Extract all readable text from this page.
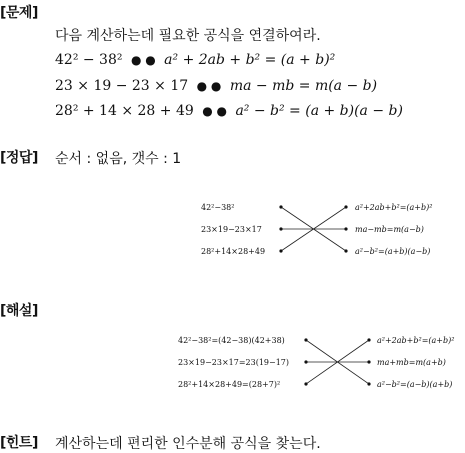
[문제]
다음 계산하는데 필요한 공식을 연결하여라.
42² − 38² ● ● a² + 2ab + b² = (a + b)²
23 × 19 − 23 × 17 ● ● ma − mb = m(a − b)
28² + 14 × 28 + 49 ● ● a² − b² = (a + b)(a − b)
[정답] 순서 : 없음, 갯수 : 1
42²−38²
23×19−23×17
28²+14×28+49
a²+2ab+b²=(a+b)²
ma−mb=m(a−b)
a²−b²=(a+b)(a−b)
[해설]
42²−38²=(42−38)(42+38)
23×19−23×17=23(19−17)
28²+14×28+49=(28+7)²
a²+2ab+b²=(a+b)²
ma+mb=m(a+b)
a²−b²=(a−b)(a+b)
[힌트] 계산하는데 편리한 인수분해 공식을 찾는다.
